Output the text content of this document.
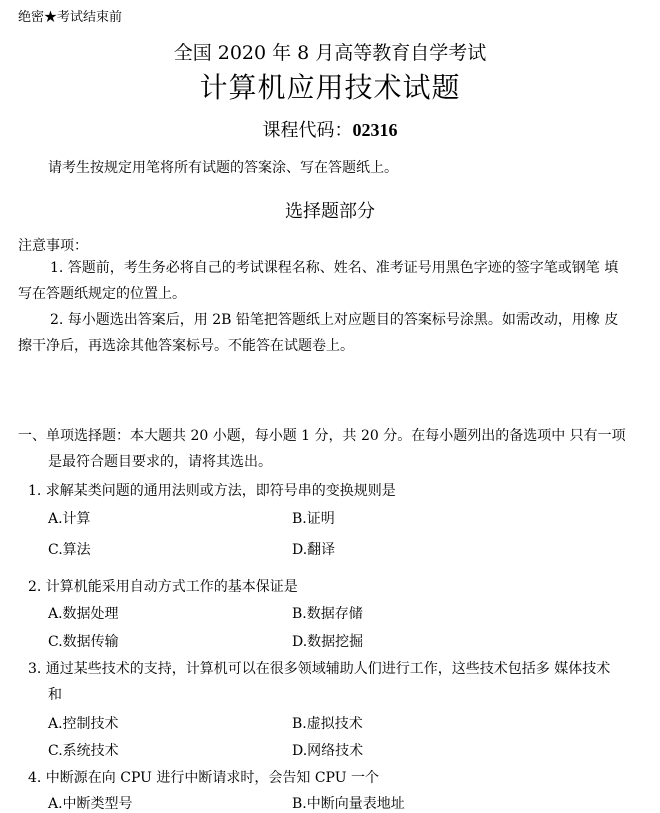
绝密★考试结束前
全国 2020 年 8 月高等教育自学考试
计算机应用技术试题
课程代码：02316
请考生按规定用笔将所有试题的答案涂、写在答题纸上。
选择题部分
注意事项：
1. 答题前，考生务必将自己的考试课程名称、姓名、准考证号用黑色字迹的签字笔或钢笔 填
写在答题纸规定的位置上。
2. 每小题选出答案后，用 2B 铅笔把答题纸上对应题目的答案标号涂黑。如需改动，用橡 皮
擦干净后，再选涂其他答案标号。不能答在试题卷上。
一、单项选择题：本大题共 20 小题，每小题 1 分，共 20 分。在每小题列出的备选项中 只有一项
是最符合题目要求的，请将其选出。
1. 求解某类问题的通用法则或方法，即符号串的变换规则是
A.计算	B.证明
C.算法	D.翻译
2. 计算机能采用自动方式工作的基本保证是
A.数据处理	B.数据存储
C.数据传输	D.数据挖掘
3. 通过某些技术的支持，计算机可以在很多领域辅助人们进行工作，这些技术包括多 媒体技术
和
A.控制技术	B.虚拟技术
C.系统技术	D.网络技术
4. 中断源在向 CPU 进行中断请求时，会告知 CPU 一个
A.中断类型号	B.中断向量表地址
